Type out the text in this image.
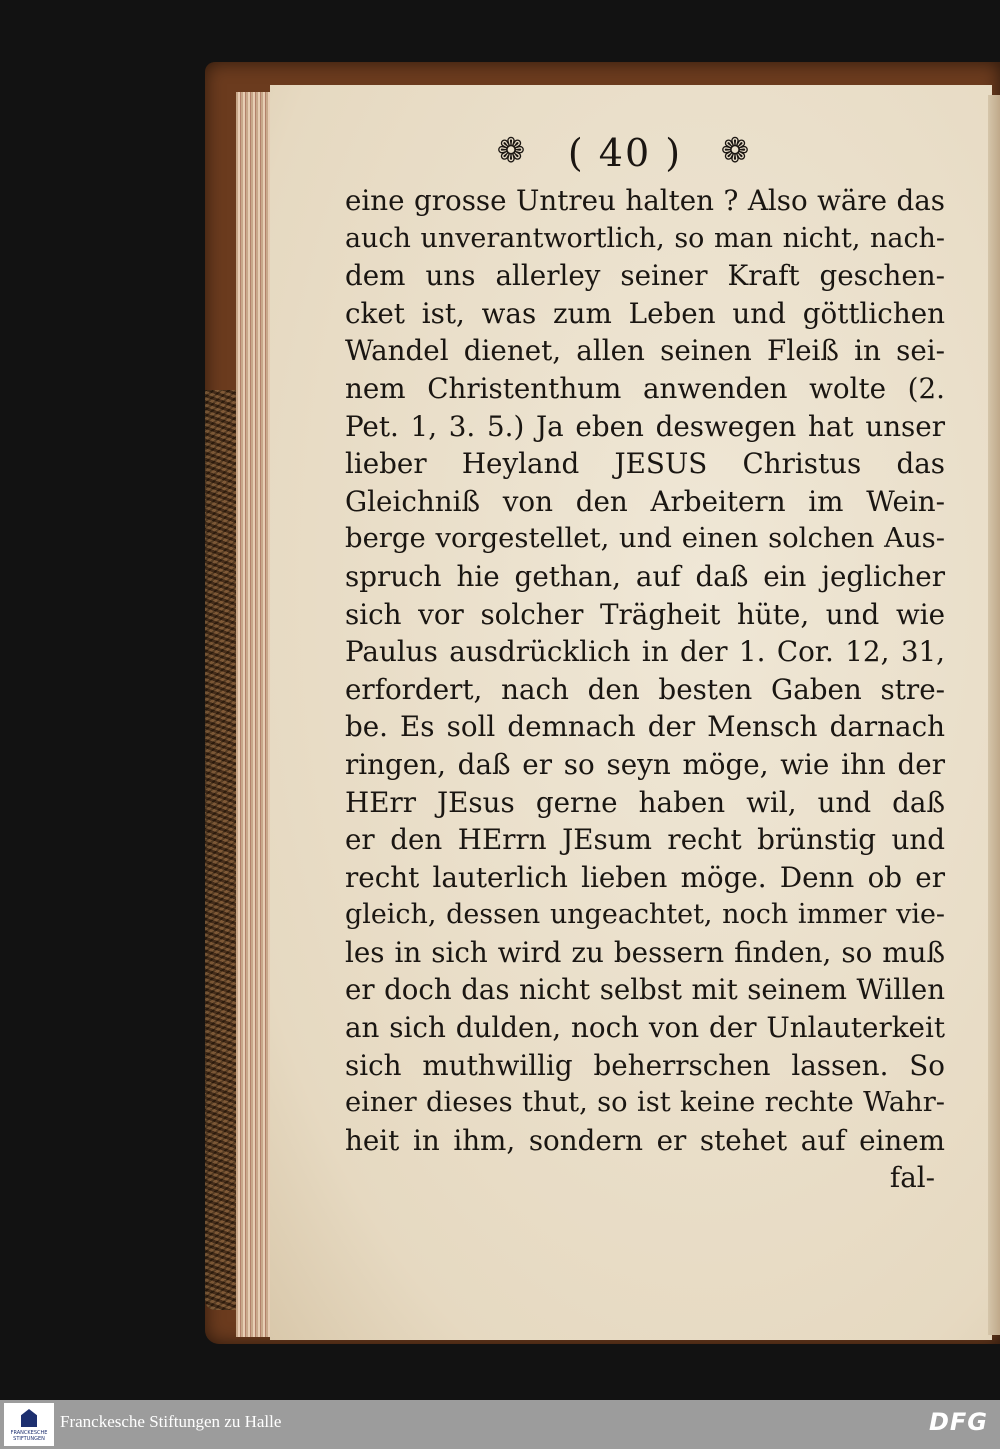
❁ ( 40 ) ❁
eine grosse Untreu halten ? Also wäre das
auch unverantwortlich, so man nicht, nach-
dem uns allerley seiner Kraft geschen-
cket ist, was zum Leben und göttlichen
Wandel dienet, allen seinen Fleiß in sei-
nem Christenthum anwenden wolte (2.
Pet. 1, 3. 5.) Ja eben deswegen hat unser
lieber Heyland JESUS Christus das
Gleichniß von den Arbeitern im Wein-
berge vorgestellet, und einen solchen Aus-
spruch hie gethan, auf daß ein jeglicher
sich vor solcher Trägheit hüte, und wie
Paulus ausdrücklich in der 1. Cor. 12, 31,
erfordert, nach den besten Gaben stre-
be. Es soll demnach der Mensch darnach
ringen, daß er so seyn möge, wie ihn der
HErr JEsus gerne haben wil, und daß
er den HErrn JEsum recht brünstig und
recht lauterlich lieben möge. Denn ob er
gleich, dessen ungeachtet, noch immer vie-
les in sich wird zu bessern finden, so muß
er doch das nicht selbst mit seinem Willen
an sich dulden, noch von der Unlauterkeit
sich muthwillig beherrschen lassen. So
einer dieses thut, so ist keine rechte Wahr-
heit in ihm, sondern er stehet auf einem
fal-
FRANCKESCHE STIFTUNGEN
Franckesche Stiftungen zu Halle	DFG
